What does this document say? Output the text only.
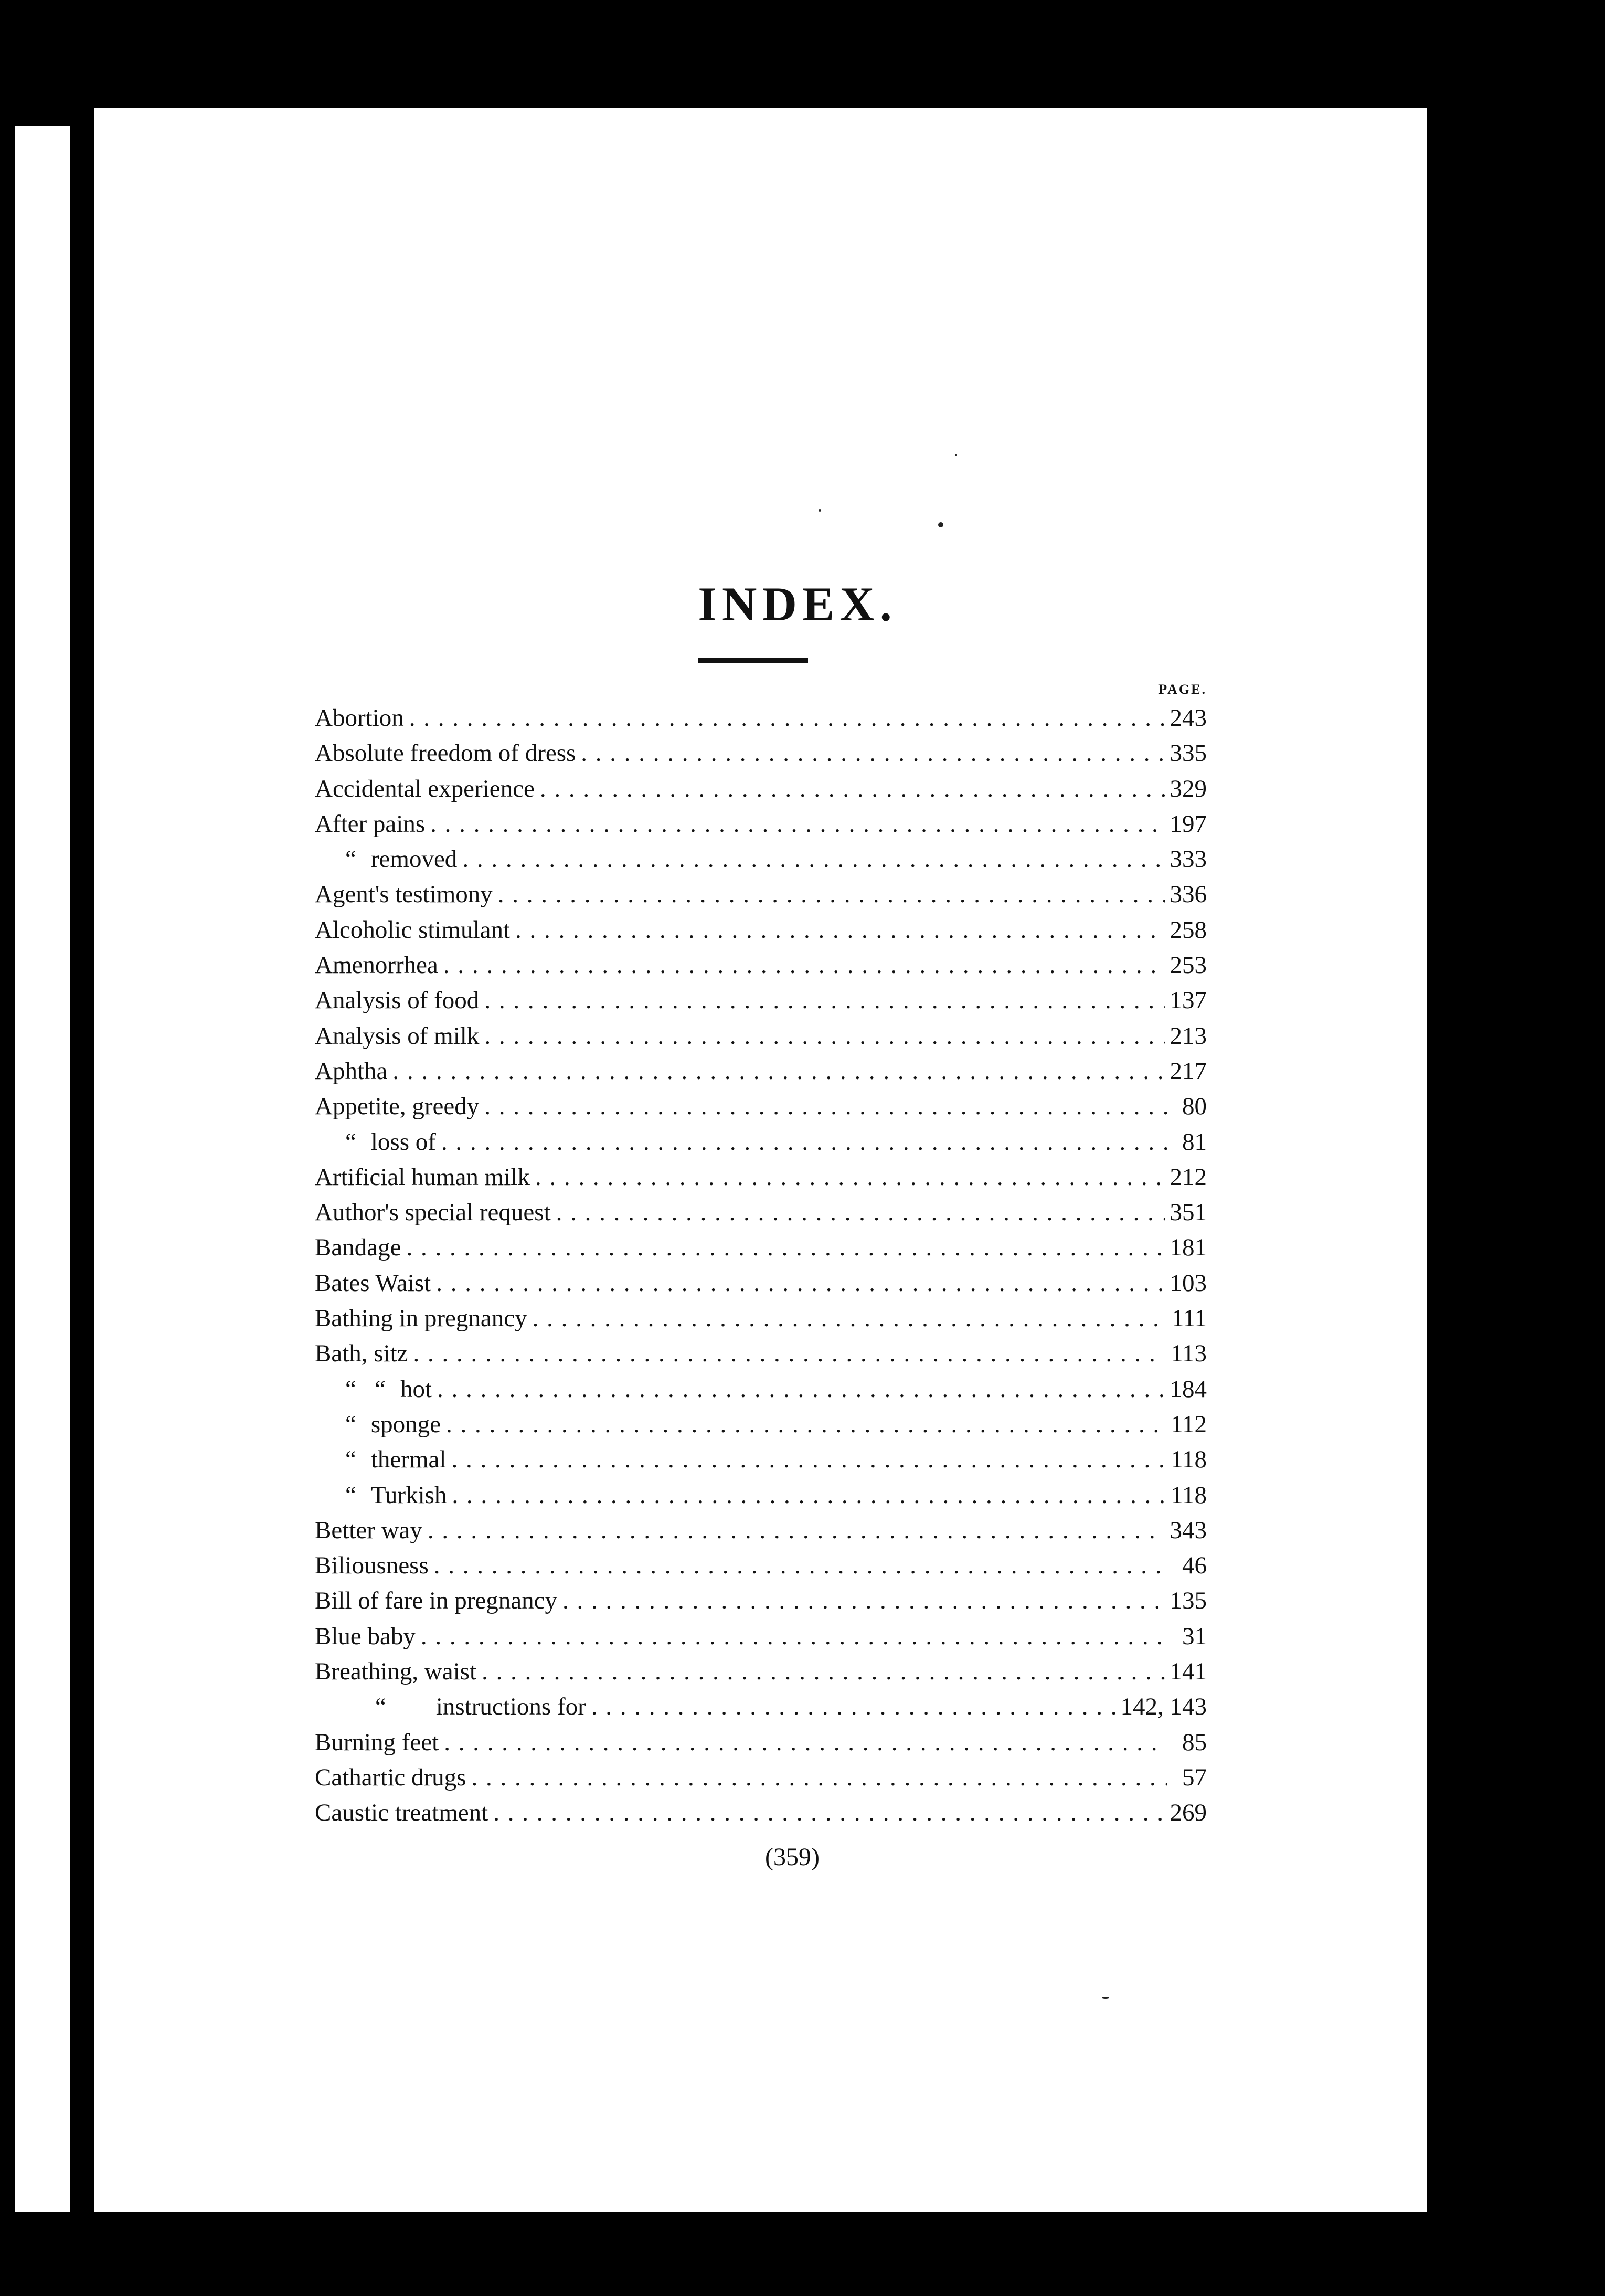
INDEX.
PAGE.
Abortion . . .	243
Absolute freedom of dress . . .	335
Accidental experience . . .	329
After pains . . .	197
“ removed . . .	333
Agent's testimony . . .	336
Alcoholic stimulant . . .	258
Amenorrhea . . .	253
Analysis of food . . .	137
Analysis of milk . . .	213
Aphtha . . .	217
Appetite, greedy . . .	80
“ loss of . . .	81
Artificial human milk . . .	212
Author's special request . . .	351
Bandage . . .	181
Bates Waist . . .	103
Bathing in pregnancy . . .	111
Bath, sitz . . .	113
“   “ hot . . .	184
“ sponge . . .	112
“ thermal . . .	118
“ Turkish . . .	118
Better way . . .	343
Biliousness . . .	46
Bill of fare in pregnancy . . .	135
Blue baby . . .	31
Breathing, waist . . .	141
“ instructions for . . .	142, 143
Burning feet . . .	85
Cathartic drugs . . .	57
Caustic treatment . . .	269
(359)
